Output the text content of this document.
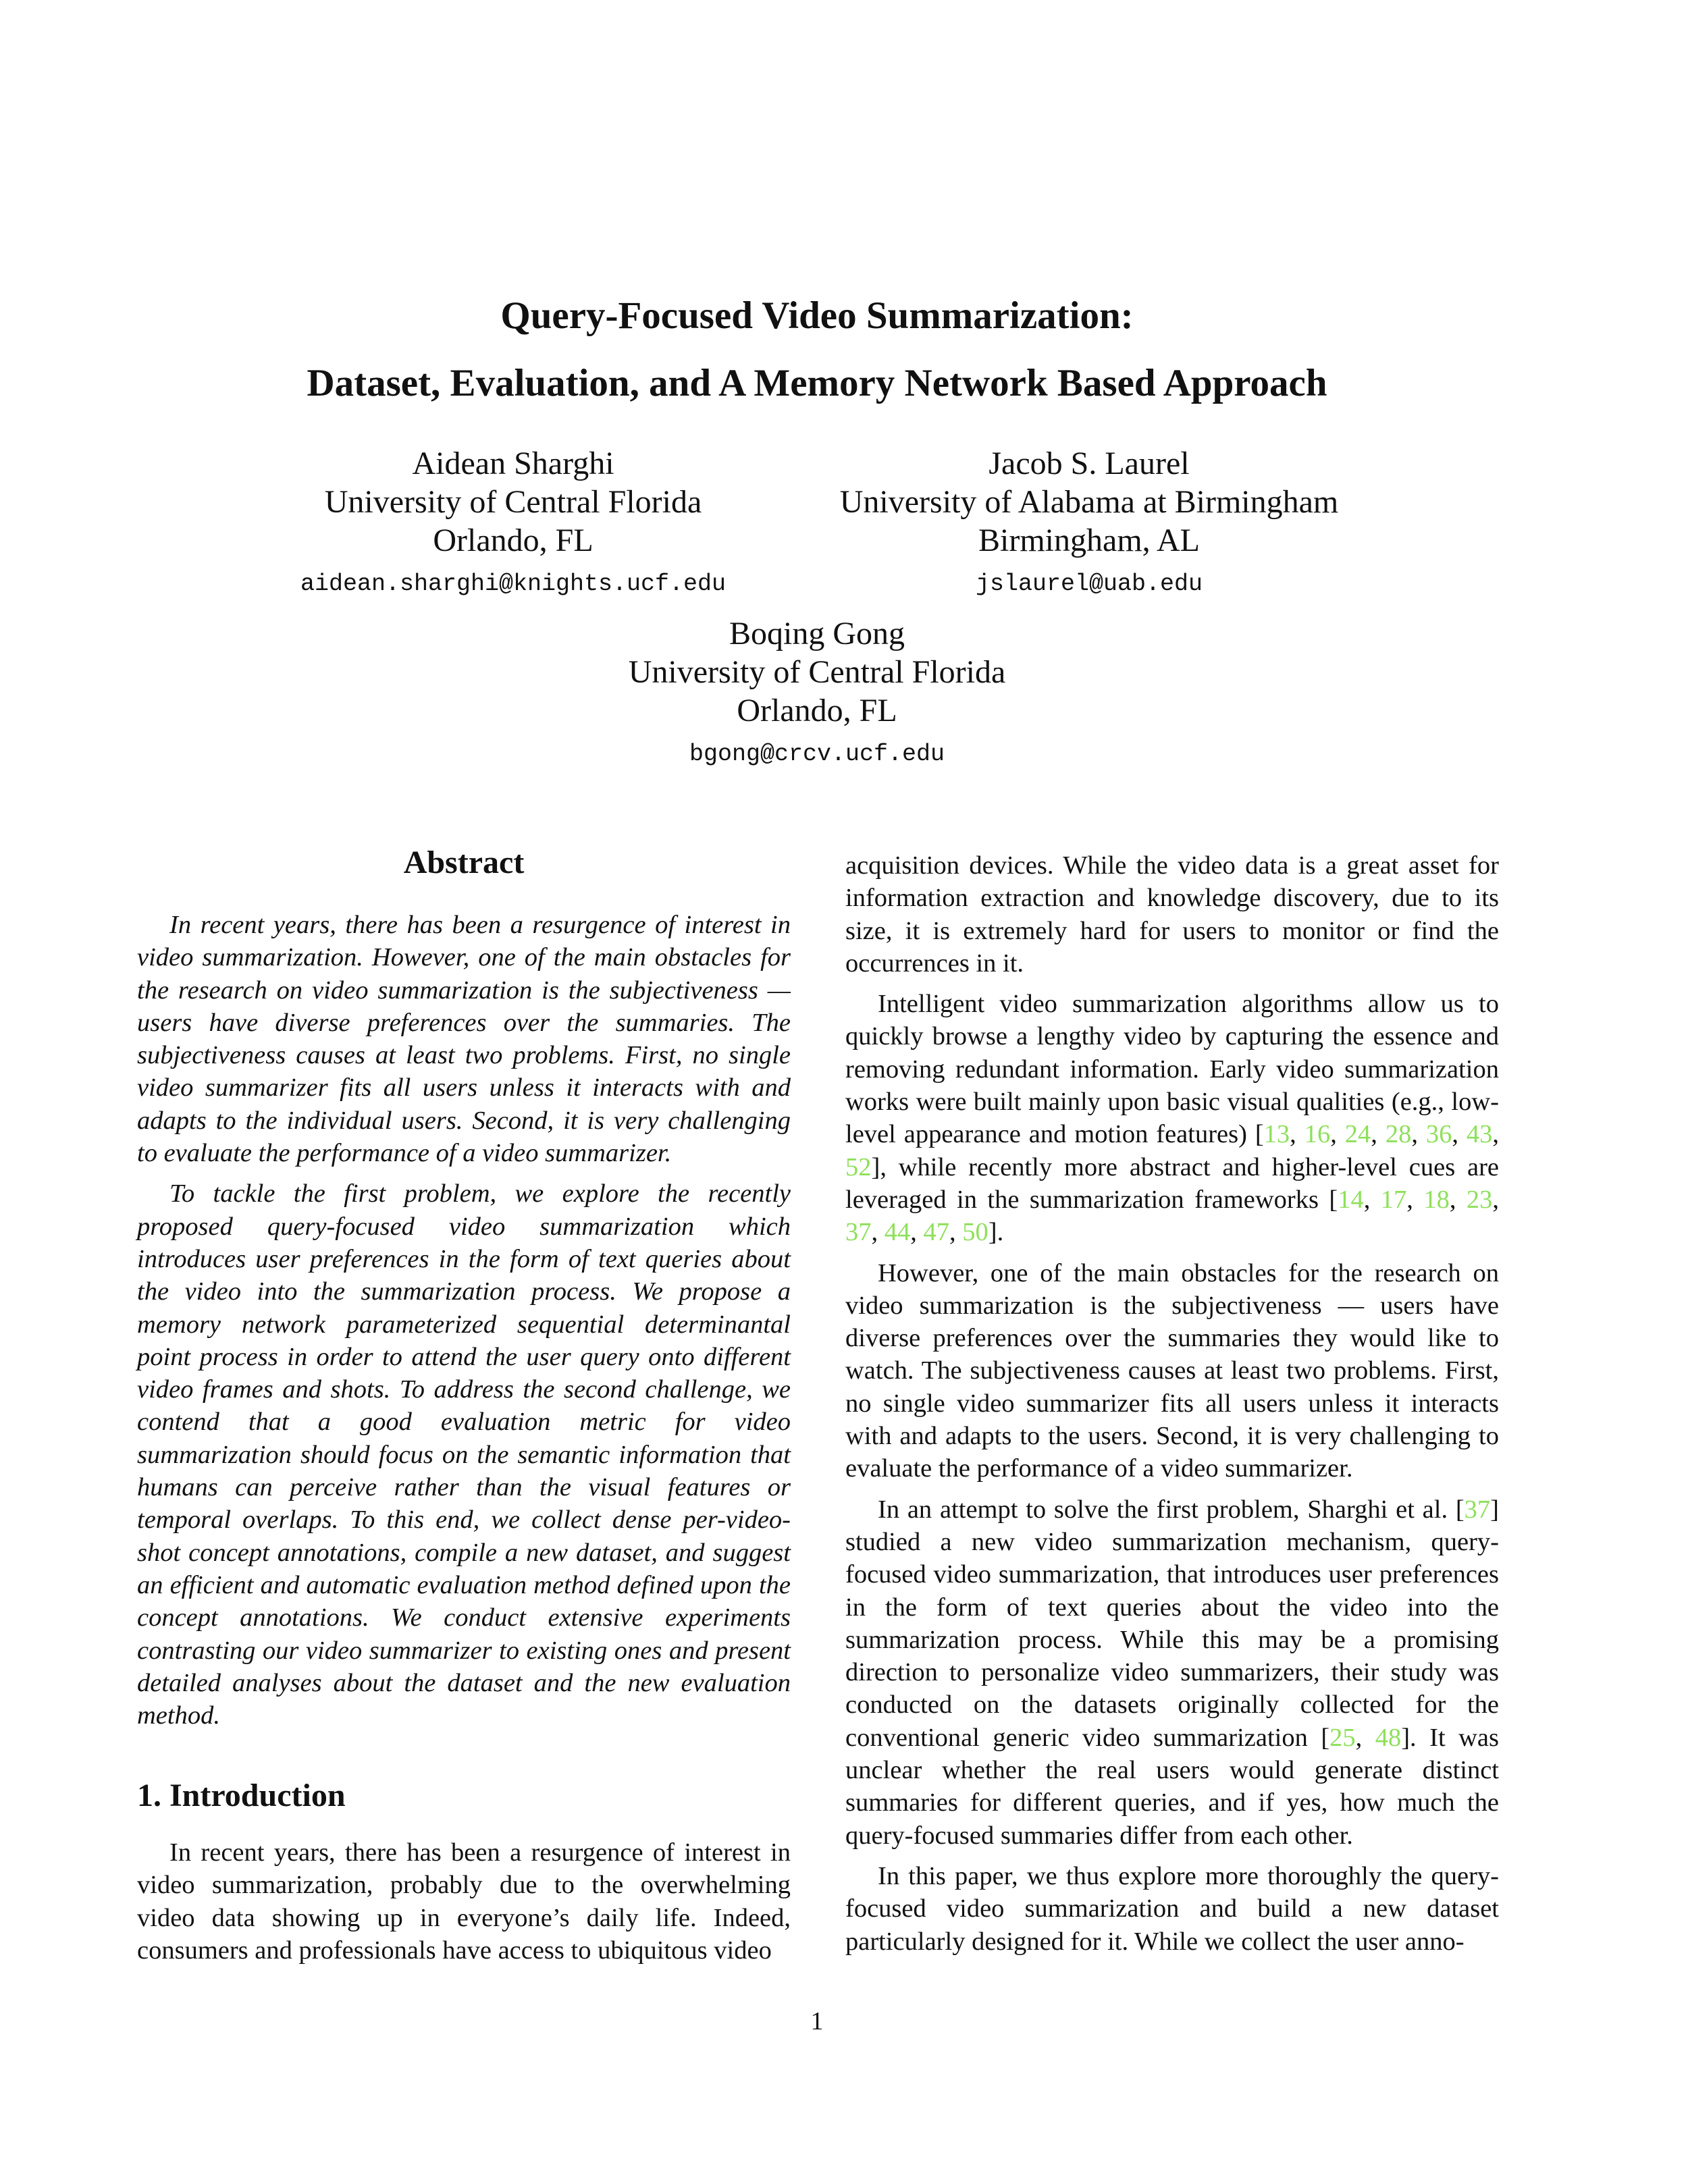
Query-Focused Video Summarization:
Dataset, Evaluation, and A Memory Network Based Approach
Aidean Sharghi
University of Central Florida
Orlando, FL
aidean.sharghi@knights.ucf.edu
Jacob S. Laurel
University of Alabama at Birmingham
Birmingham, AL
jslaurel@uab.edu
Boqing Gong
University of Central Florida
Orlando, FL
bgong@crcv.ucf.edu
Abstract

In recent years, there has been a resurgence of interest in video summarization. However, one of the main obstacles for the research on video summarization is the subjectiveness — users have diverse preferences over the summaries. The subjectiveness causes at least two problems. First, no single video summarizer fits all users unless it interacts with and adapts to the individual users. Second, it is very challenging to evaluate the performance of a video summarizer.

To tackle the first problem, we explore the recently proposed query-focused video summarization which introduces user preferences in the form of text queries about the video into the summarization process. We propose a memory network parameterized sequential determinantal point process in order to attend the user query onto different video frames and shots. To address the second challenge, we contend that a good evaluation metric for video summarization should focus on the semantic information that humans can perceive rather than the visual features or temporal overlaps. To this end, we collect dense per-video-shot concept annotations, compile a new dataset, and suggest an efficient and automatic evaluation method defined upon the concept annotations. We conduct extensive experiments contrasting our video summarizer to existing ones and present detailed analyses about the dataset and the new evaluation method.

1. Introduction

In recent years, there has been a resurgence of interest in video summarization, probably due to the overwhelming video data showing up in everyone’s daily life. Indeed, consumers and professionals have access to ubiquitous video

acquisition devices. While the video data is a great asset for information extraction and knowledge discovery, due to its size, it is extremely hard for users to monitor or find the occurrences in it.

Intelligent video summarization algorithms allow us to quickly browse a lengthy video by capturing the essence and removing redundant information. Early video summarization works were built mainly upon basic visual qualities (e.g., low-level appearance and motion features) [13, 16, 24, 28, 36, 43, 52], while recently more abstract and higher-level cues are leveraged in the summarization frameworks [14, 17, 18, 23, 37, 44, 47, 50].

However, one of the main obstacles for the research on video summarization is the subjectiveness — users have diverse preferences over the summaries they would like to watch. The subjectiveness causes at least two problems. First, no single video summarizer fits all users unless it interacts with and adapts to the users. Second, it is very challenging to evaluate the performance of a video summarizer.

In an attempt to solve the first problem, Sharghi et al. [37] studied a new video summarization mechanism, query-focused video summarization, that introduces user preferences in the form of text queries about the video into the summarization process. While this may be a promising direction to personalize video summarizers, their study was conducted on the datasets originally collected for the conventional generic video summarization [25, 48]. It was unclear whether the real users would generate distinct summaries for different queries, and if yes, how much the query-focused summaries differ from each other.

In this paper, we thus explore more thoroughly the query-focused video summarization and build a new dataset particularly designed for it. While we collect the user anno-

1
